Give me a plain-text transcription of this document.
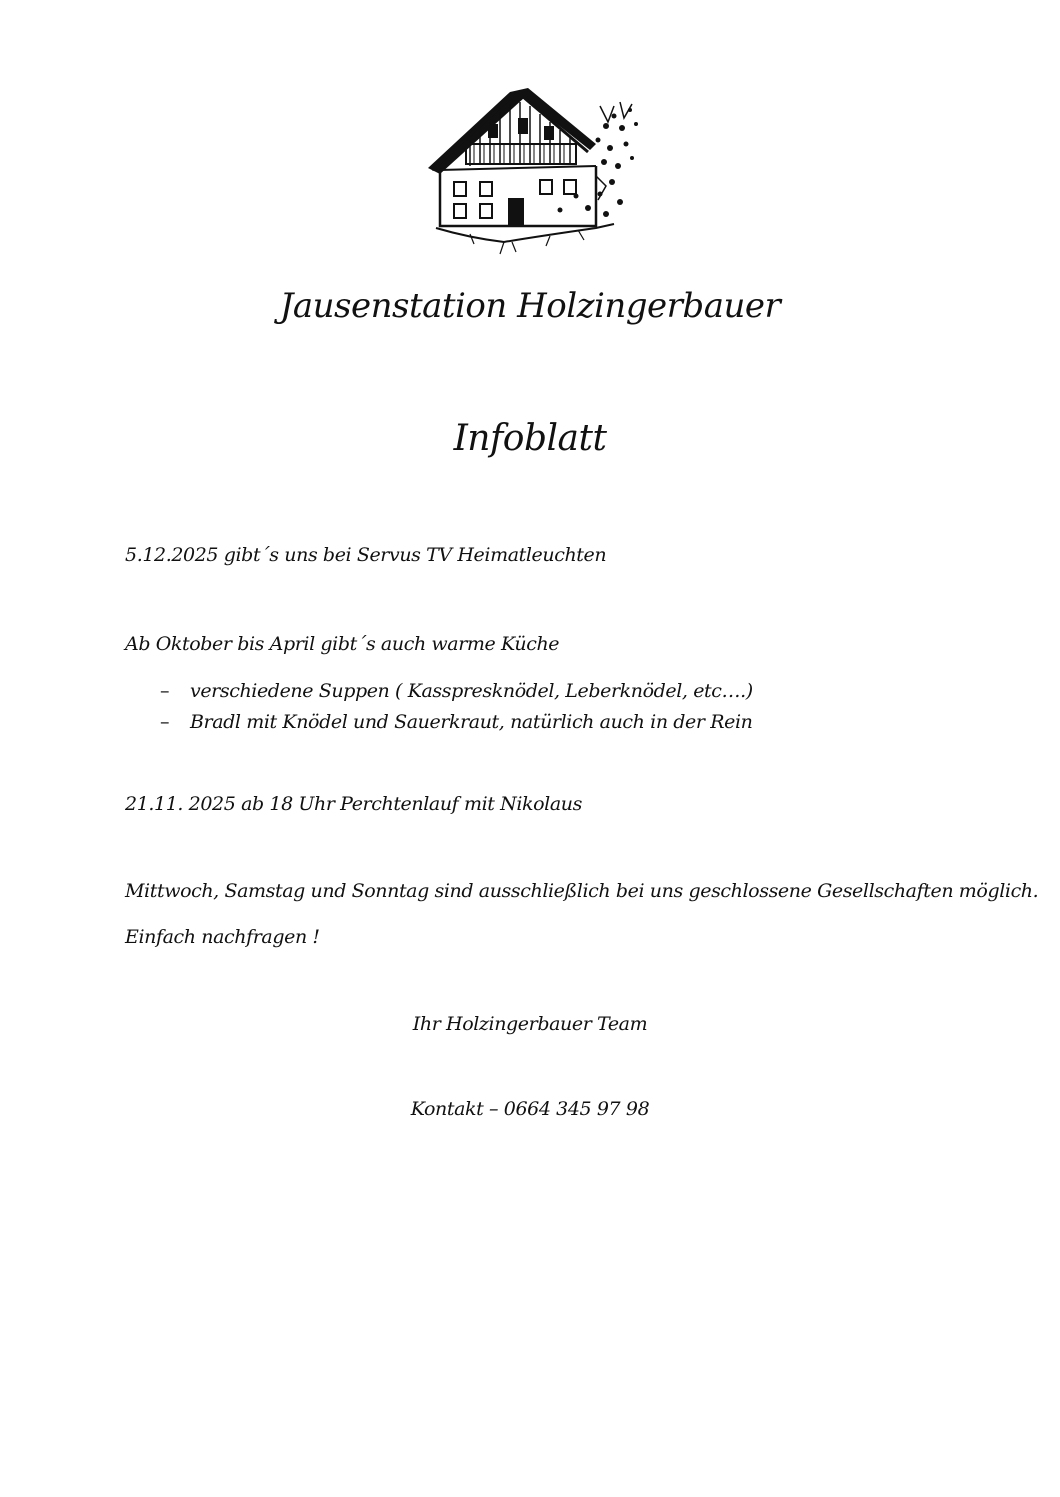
Jausenstation Holzingerbauer
Infoblatt

5.12.2025 gibt´s uns bei Servus TV Heimatleuchten

Ab Oktober bis April gibt´s auch warme Küche

– verschiedene Suppen ( Kasspresknödel, Leberknödel, etc….)
– Bradl mit Knödel und Sauerkraut, natürlich auch in der Rein

21.11. 2025 ab 18 Uhr Perchtenlauf mit Nikolaus

Mittwoch, Samstag und Sonntag sind ausschließlich bei uns geschlossene Gesellschaften möglich.

Einfach nachfragen !

Ihr Holzingerbauer Team

Kontakt – 0664 345 97 98
